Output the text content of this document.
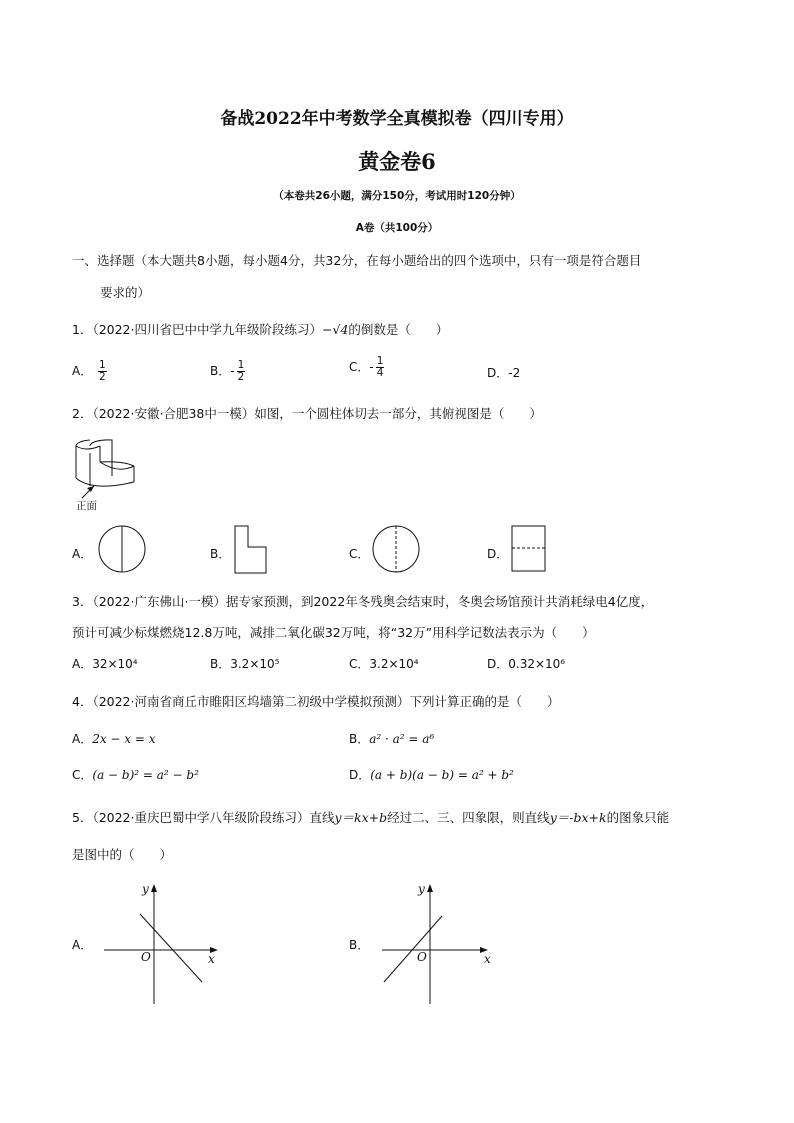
备战2022年中考数学全真模拟卷（四川专用）
黄金卷6
（本卷共26小题，满分150分，考试用时120分钟）
A卷（共100分）
一、选择题（本大题共8小题，每小题4分，共32分，在每小题给出的四个选项中，只有一项是符合题目
要求的）
1．（2022·四川省巴中中学九年级阶段练习）−√4的倒数是（　　）
A． $\frac{1}{2}$	B．- $\frac{1}{2}$	C．- $\frac{1}{4}$	D．-2
2．（2022·安徽·合肥38中一模）如图，一个圆柱体切去一部分，其俯视图是（　　）
正面
A．	B．	C．	D．
3．（2022·广东佛山·一模）据专家预测，到2022年冬残奥会结束时，冬奥会场馆预计共消耗绿电4亿度，
预计可减少标煤燃烧12.8万吨，减排二氧化碳32万吨，将“32万”用科学记数法表示为（　　）
A．32×10⁴	B．3.2×10⁵	C．3.2×10⁴	D．0.32×10⁶
4．（2022·河南省商丘市睢阳区坞墙第二初级中学模拟预测）下列计算正确的是（　　）
A．2x − x = x	B．a² · a² = a⁶
C．(a − b)² = a² − b²	D．(a + b)(a − b) = a² + b²
5．（2022·重庆巴蜀中学八年级阶段练习）直线y＝kx+b经过二、三、四象限，则直线y＝-bx+k的图象只能
是图中的（　　）
A．
y
x
O
B．
y
x
O
